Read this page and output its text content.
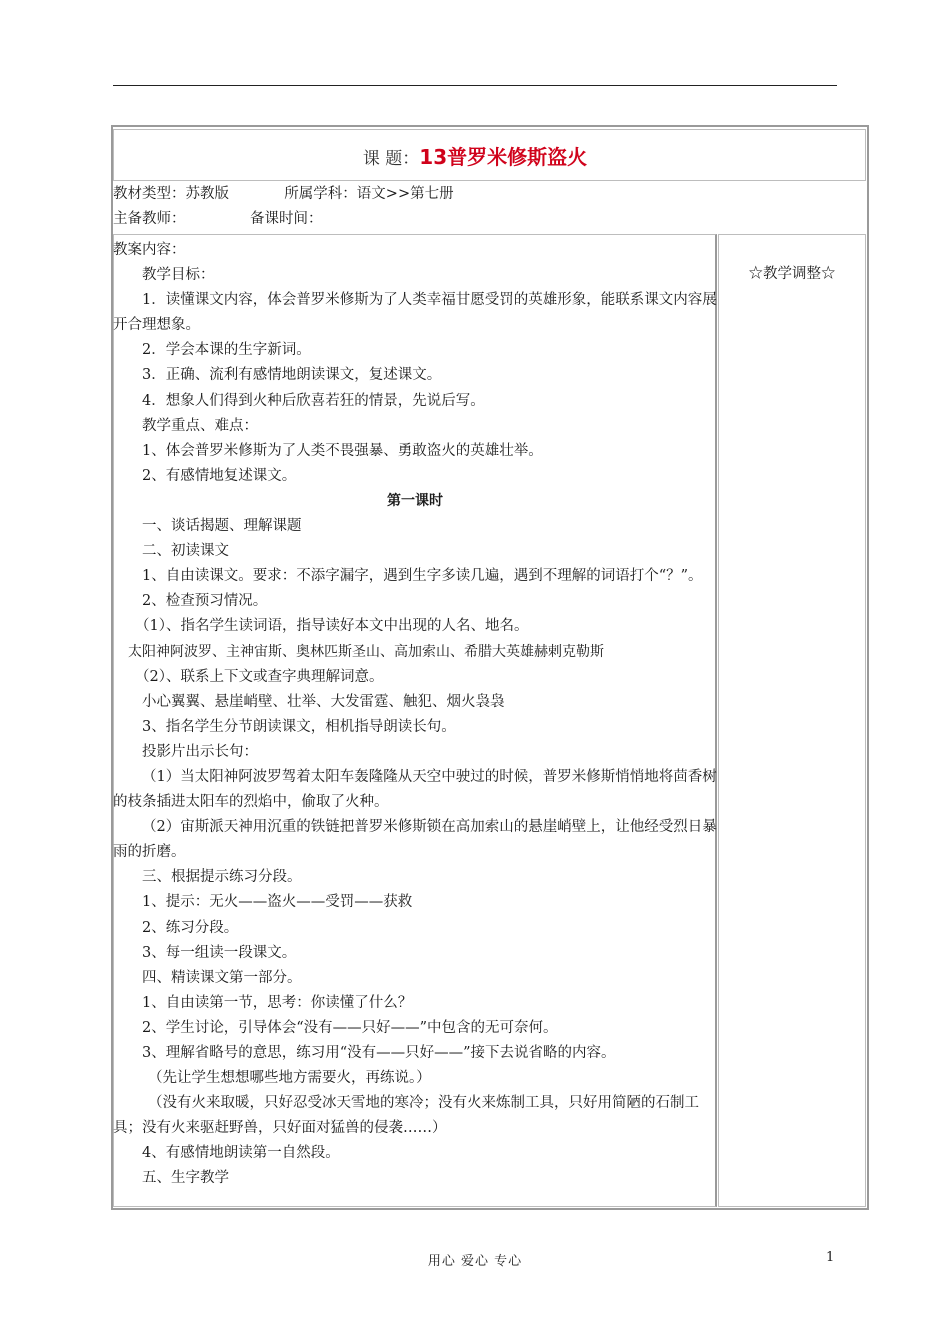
课 题：13普罗米修斯盗火
教材类型：苏教版            所属学科：语文>>第七册
主备教师：              备课时间：
☆教学调整☆

教案内容：

教学目标：

1．读懂课文内容，体会普罗米修斯为了人类幸福甘愿受罚的英雄形象，能联系课文内容展开合理想象。

2．学会本课的生字新词。

3．正确、流利有感情地朗读课文，复述课文。

4．想象人们得到火种后欣喜若狂的情景，先说后写。

教学重点、难点：

1、体会普罗米修斯为了人类不畏强暴、勇敢盗火的英雄壮举。

2、有感情地复述课文。

第一课时

一、谈话揭题、理解课题

二、初读课文

1、自由读课文。要求：不添字漏字，遇到生字多读几遍，遇到不理解的词语打个“？”。

2、检查预习情况。

（1）、指名学生读词语，指导读好本文中出现的人名、地名。

太阳神阿波罗、主神宙斯、奥林匹斯圣山、高加索山、希腊大英雄赫剌克勒斯

（2）、联系上下文或查字典理解词意。

小心翼翼、悬崖峭壁、壮举、大发雷霆、触犯、烟火袅袅

3、指名学生分节朗读课文，相机指导朗读长句。

投影片出示长句：

（1）当太阳神阿波罗驾着太阳车轰隆隆从天空中驶过的时候，普罗米修斯悄悄地将茴香树的枝条插进太阳车的烈焰中，偷取了火种。

（2）宙斯派天神用沉重的铁链把普罗米修斯锁在高加索山的悬崖峭壁上，让他经受烈日暴雨的折磨。

三、根据提示练习分段。

1、提示：无火——盗火——受罚——获救

2、练习分段。

3、每一组读一段课文。

四、精读课文第一部分。

1、自由读第一节，思考：你读懂了什么？

2、学生讨论，引导体会“没有——只好——”中包含的无可奈何。

3、理解省略号的意思，练习用“没有——只好——”接下去说省略的内容。

（先让学生想想哪些地方需要火，再练说。）

（没有火来取暖，只好忍受冰天雪地的寒冷；没有火来炼制工具，只好用简陋的石制工具；没有火来驱赶野兽，只好面对猛兽的侵袭……）

4、有感情地朗读第一自然段。

五、生字教学

用心 爱心 专心	1
